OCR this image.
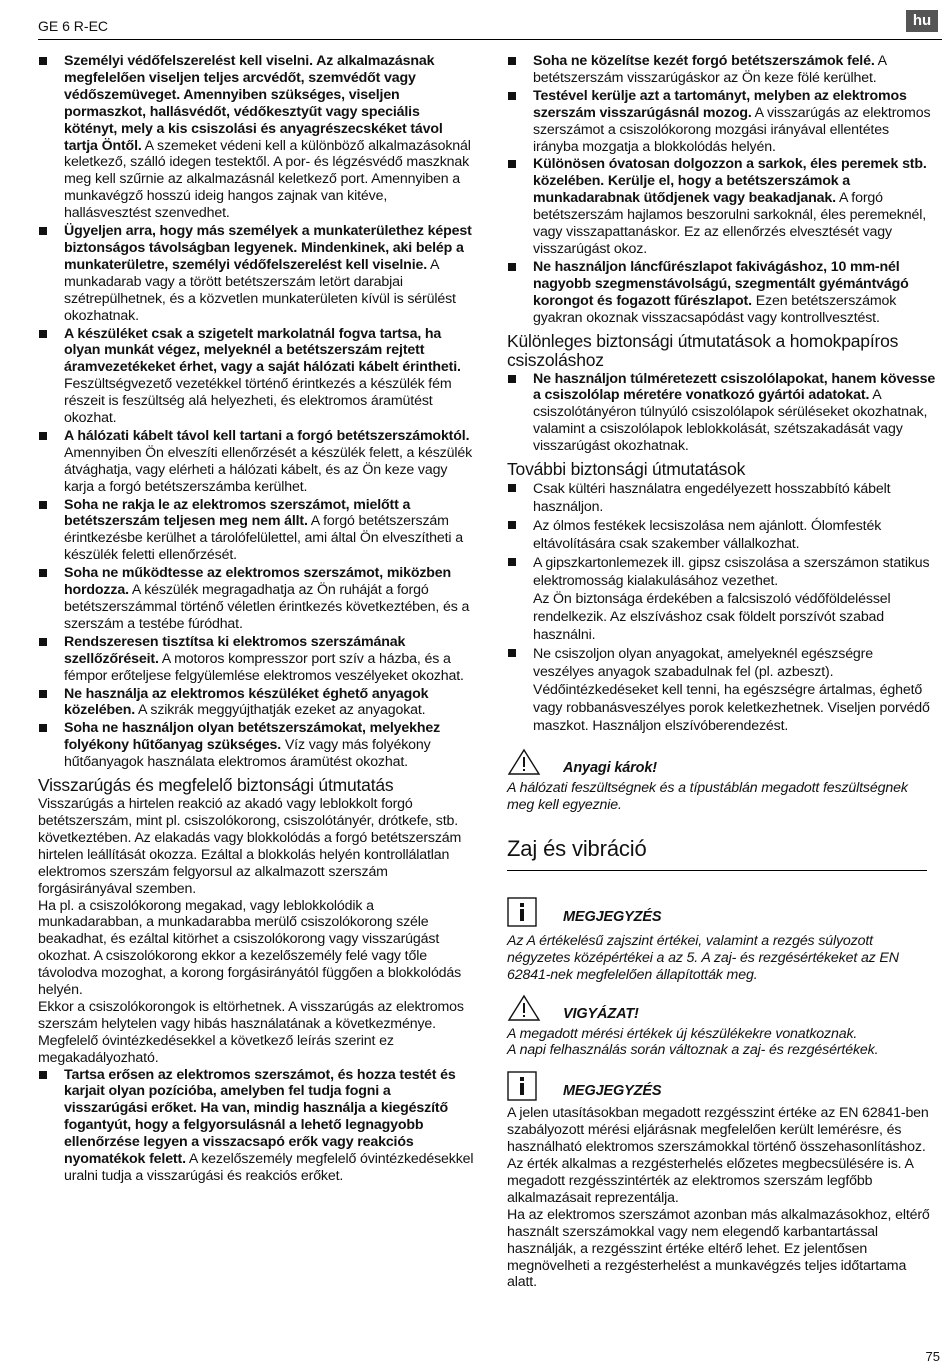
GE 6 R-EC	hu
Személyi védőfelszerelést kell viselni. Az alkalmazásnak megfelelően viseljen teljes arcvédőt, szemvédőt vagy védőszemüveget. Amennyiben szükséges, viseljen pormaszkot, hallásvédőt, védőkesztyűt vagy speciális kötényt, mely a kis csiszolási és anyagrészecskéket távol tartja Öntől. A szemeket védeni kell a különböző alkalmazásoknál keletkező, szálló idegen testektől. A por- és légzésvédő maszknak meg kell szűrnie az alkalmazásnál keletkező port. Amennyiben a munkavégző hosszú ideig hangos zajnak van kitéve, hallásvesztést szenvedhet.
Ügyeljen arra, hogy más személyek a munkaterülethez képest biztonságos távolságban legyenek. Mindenkinek, aki belép a munkaterületre, személyi védőfelszerelést kell viselnie. A munkadarab vagy a törött betétszerszám letört darabjai szétrepülhetnek, és a közvetlen munkaterületen kívül is sérülést okozhatnak.
A készüléket csak a szigetelt markolatnál fogva tartsa, ha olyan munkát végez, melyeknél a betétszerszám rejtett áramvezetékeket érhet, vagy a saját hálózati kábelt érintheti. Feszültségvezető vezetékkel történő érintkezés a készülék fém részeit is feszültség alá helyezheti, és elektromos áramütést okozhat.
A hálózati kábelt távol kell tartani a forgó betétszerszámoktól. Amennyiben Ön elveszíti ellenőrzését a készülék felett, a készülék átvághatja, vagy elérheti a hálózati kábelt, és az Ön keze vagy karja a forgó betétszerszámba kerülhet.
Soha ne rakja le az elektromos szerszámot, mielőtt a betétszerszám teljesen meg nem állt. A forgó betétszerszám érintkezésbe kerülhet a tárolófelülettel, ami által Ön elveszítheti a készülék feletti ellenőrzését.
Soha ne működtesse az elektromos szerszámot, miközben hordozza. A készülék megragadhatja az Ön ruháját a forgó betétszerszámmal történő véletlen érintkezés következtében, és a szerszám a testébe fúródhat.
Rendszeresen tisztítsa ki elektromos szerszámának szellőzőréseit. A motoros kompresszor port szív a házba, és a fémpor erőteljese felgyülemlése elektromos veszélyeket okozhat.
Ne használja az elektromos készüléket éghető anyagok közelében. A szikrák meggyújthatják ezeket az anyagokat.
Soha ne használjon olyan betétszerszámokat, melyekhez folyékony hűtőanyag szükséges. Víz vagy más folyékony hűtőanyagok használata elektromos áramütést okozhat.
Visszarúgás és megfelelő biztonsági útmutatás

Visszarúgás a hirtelen reakció az akadó vagy leblokkolt forgó betétszerszám, mint pl. csiszolókorong, csiszolótányér, drótkefe, stb. következtében. Az elakadás vagy blokkolódás a forgó betétszerszám hirtelen leállítását okozza. Ezáltal a blokkolás helyén kontrollálatlan elektromos szerszám felgyorsul az alkalmazott szerszám forgásirányával szemben.

Ha pl. a csiszolókorong megakad, vagy leblokkolódik a munkadarabban, a munkadarabba merülő csiszolókorong széle beakadhat, és ezáltal kitörhet a csiszolókorong vagy visszarúgást okozhat. A csiszolókorong ekkor a kezelőszemély felé vagy tőle távolodva mozoghat, a korong forgásirányától függően a blokkolódás helyén.

Ekkor a csiszolókorongok is eltörhetnek. A visszarúgás az elektromos szerszám helytelen vagy hibás használatának a következménye. Megfelelő óvintézkedésekkel a következő leírás szerint ez megakadályozható.

Tartsa erősen az elektromos szerszámot, és hozza testét és karjait olyan pozícióba, amelyben fel tudja fogni a visszarúgási erőket. Ha van, mindig használja a kiegészítő fogantyút, hogy a felgyorsulásnál a lehető legnagyobb ellenőrzése legyen a visszacsapó erők vagy reakciós nyomatékok felett. A kezelőszemély megfelelő óvintézkedésekkel uralni tudja a visszarúgási és reakciós erőket.
Soha ne közelítse kezét forgó betétszerszámok felé. A betétszerszám visszarúgáskor az Ön keze fölé kerülhet.
Testével kerülje azt a tartományt, melyben az elektromos szerszám visszarúgásnál mozog. A visszarúgás az elektromos szerszámot a csiszolókorong mozgási irányával ellentétes irányba mozgatja a blokkolódás helyén.
Különösen óvatosan dolgozzon a sarkok, éles peremek stb. közelében. Kerülje el, hogy a betétszerszámok a munkadarabnak ütődjenek vagy beakadjanak. A forgó betétszerszám hajlamos beszorulni sarkoknál, éles peremeknél, vagy visszapattanáskor. Ez az ellenőrzés elvesztését vagy visszarúgást okoz.
Ne használjon láncfűrészlapot fakivágáshoz, 10 mm-nél nagyobb szegmenstávolságú, szegmentált gyémántvágó korongot és fogazott fűrészlapot. Ezen betétszerszámok gyakran okoznak visszacsapódást vagy kontrollvesztést.
Különleges biztonsági útmutatások a homokpapíros csiszoláshoz
Ne használjon túlméretezett csiszolólapokat, hanem kövesse a csiszolólap méretére vonatkozó gyártói adatokat. A csiszolótányéron túlnyúló csiszolólapok sérüléseket okozhatnak, valamint a csiszolólapok leblokkolását, szétszakadását vagy visszarúgást okozhatnak.
További biztonsági útmutatások
Csak kültéri használatra engedélyezett hosszabbító kábelt használjon.
Az ólmos festékek lecsiszolása nem ajánlott. Ólomfesték eltávolítására csak szakember vállalkozhat.
A gipszkartonlemezek ill. gipsz csiszolása a szerszámon statikus elektromosság kialakulásához vezethet.
Az Ön biztonsága érdekében a falcsiszoló védőföldeléssel rendelkezik. Az elszíváshoz csak földelt porszívót szabad használni.
Ne csiszoljon olyan anyagokat, amelyeknél egészségre veszélyes anyagok szabadulnak fel (pl. azbeszt).
Védőintézkedéseket kell tenni, ha egészségre ártalmas, éghető vagy robbanásveszélyes porok keletkezhetnek. Viseljen porvédő maszkot. Használjon elszívóberendezést.
Anyagi károk!

A hálózati feszültségnek és a típustáblán megadott feszültségnek meg kell egyeznie.

Zaj és vibráció
MEGJEGYZÉS

Az A értékelésű zajszint értékei, valamint a rezgés súlyozott négyzetes középértékei a az 5. A zaj- és rezgésértékeket az EN 62841-nek megfelelően állapították meg.

VIGYÁZAT!

A megadott mérési értékek új készülékekre vonatkoznak.

A napi felhasználás során változnak a zaj- és rezgésértékek.

MEGJEGYZÉS

A jelen utasításokban megadott rezgésszint értéke az EN 62841-ben szabályozott mérési eljárásnak megfelelően került lemérésre, és használható elektromos szerszámokkal történő összehasonlításhoz. Az érték alkalmas a rezgésterhelés előzetes megbecsülésére is. A megadott rezgésszintérték az elektromos szerszám legfőbb alkalmazásait reprezentálja.

Ha az elektromos szerszámot azonban más alkalmazásokhoz, eltérő használt szerszámokkal vagy nem elegendő karbantartással használják, a rezgésszint értéke eltérő lehet. Ez jelentősen megnövelheti a rezgésterhelést a munkavégzés teljes időtartama alatt.

75
